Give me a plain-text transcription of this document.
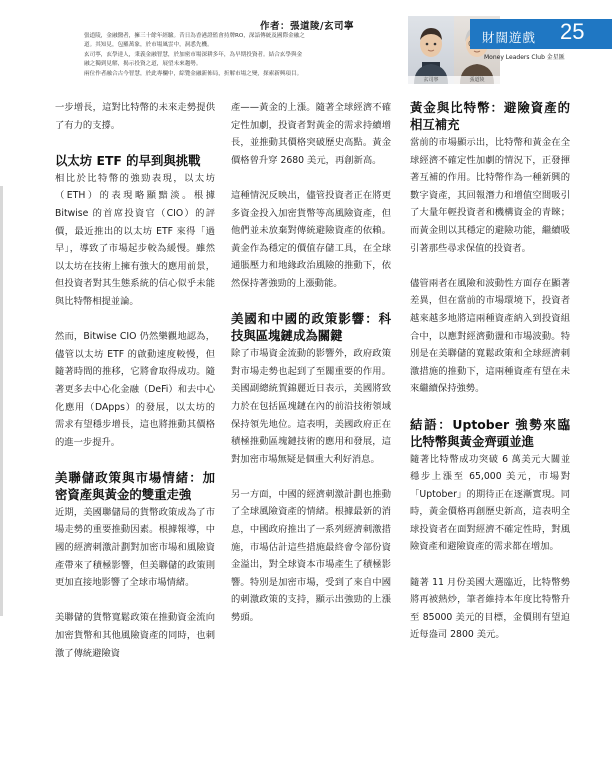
作者：張道陵/玄司寧
張道陵，金融醫者，擁三十餘年經驗。昔日為香港證監會持牌RO，深諳傳統及國際金融之
道。其知見，包羅萬象，於市場風雲中，洞悉先機。
玄司寧，玄學達人，秉義金融智慧，於加密市場深耕多年，為早期投資者。結合玄學與金
融之獨到見解，揭示投資之道，展望未來趨勢。
兩位作者融合古今智慧，於此專欄中，綜覽金融新佈局，折解市場之變，探索新興項目。
玄司寧	張道陵
財闊遊戲 25
Money Leaders Club 金星匯

一步增長，這對比特幣的未來走勢提供了有力的支撐。

以太坊 ETF 的早到與挑戰

相比於比特幣的強勁表現，以太坊（ETH）的表現略顯黯淡。根據 Bitwise 的首席投資官（CIO）的評價，最近推出的以太坊 ETF 來得「過早」，導致了市場起步較為緩慢。雖然以太坊在技術上擁有強大的應用前景，但投資者對其生態系統的信心似乎未能與比特幣相提並論。

然而，Bitwise CIO 仍然樂觀地認為，儘管以太坊 ETF 的啟動速度較慢，但隨著時間的推移，它將會取得成功。隨著更多去中心化金融（DeFi）和去中心化應用（DApps）的發展，以太坊的需求有望穩步增長，這也將推動其價格的進一步提升。

美聯儲政策與市場情緒：加密資產與黃金的雙重走強

近期，美國聯儲局的貨幣政策成為了市場走勢的重要推動因素。根據報導，中國的經濟刺激計劃對加密市場和風險資產帶來了積極影響，但美聯儲的政策則更加直接地影響了全球市場情緒。

美聯儲的貨幣寬鬆政策在推動資金流向加密貨幣和其他風險資產的同時，也刺激了傳統避險資

產——黃金的上漲。隨著全球經濟不確定性加劇，投資者對黃金的需求持續增長，並推動其價格突破歷史高點。黃金價格曾升穿 2680 美元，再創新高。

這種情況反映出，儘管投資者正在將更多資金投入加密貨幣等高風險資產，但他們並未放棄對傳統避險資產的依賴。黃金作為穩定的價值存儲工具，在全球通脹壓力和地緣政治風險的推動下，依然保持著強勁的上漲動能。

美國和中國的政策影響：科技與區塊鏈成為關鍵

除了市場資金流動的影響外，政府政策對市場走勢也起到了至關重要的作用。美國副總統賀錦麗近日表示，美國將致力於在包括區塊鏈在內的前沿技術領域保持領先地位。這表明，美國政府正在積極推動區塊鏈技術的應用和發展，這對加密市場無疑是個重大利好消息。

另一方面，中國的經濟刺激計劃也推動了全球風險資產的情緒。根據最新的消息，中國政府推出了一系列經濟刺激措施，市場估計這些措施最終會令部份資金溢出，對全球資本市場產生了積極影響。特別是加密市場，受到了來自中國的刺激政策的支持，顯示出強勁的上漲勢頭。

黃金與比特幣：避險資產的相互補充

當前的市場顯示出，比特幣和黃金在全球經濟不確定性加劇的情況下，正發揮著互補的作用。比特幣作為一種新興的數字資產，其回報潛力和增值空間吸引了大量年輕投資者和機構資金的青睞；而黃金則以其穩定的避險功能，繼續吸引著那些尋求保值的投資者。

儘管兩者在風險和波動性方面存在顯著差異，但在當前的市場環境下，投資者越來越多地將這兩種資產納入到投資組合中，以應對經濟動盪和市場波動。特別是在美聯儲的寬鬆政策和全球經濟刺激措施的推動下，這兩種資產有望在未來繼續保持強勢。

結語：Uptober 強勢來臨比特幣與黃金齊頭並進

隨著比特幣成功突破 6 萬美元大關並穩步上漲至 65,000 美元，市場對「Uptober」的期待正在逐漸實現。同時，黃金價格再創歷史新高，這表明全球投資者在面對經濟不確定性時，對風險資產和避險資產的需求都在增加。

隨著 11 月份美國大選臨近，比特幣勢將再被熱炒，筆者維持本年度比特幣升至 85000 美元的目標，金價則有望迫近每盎司 2800 美元。
